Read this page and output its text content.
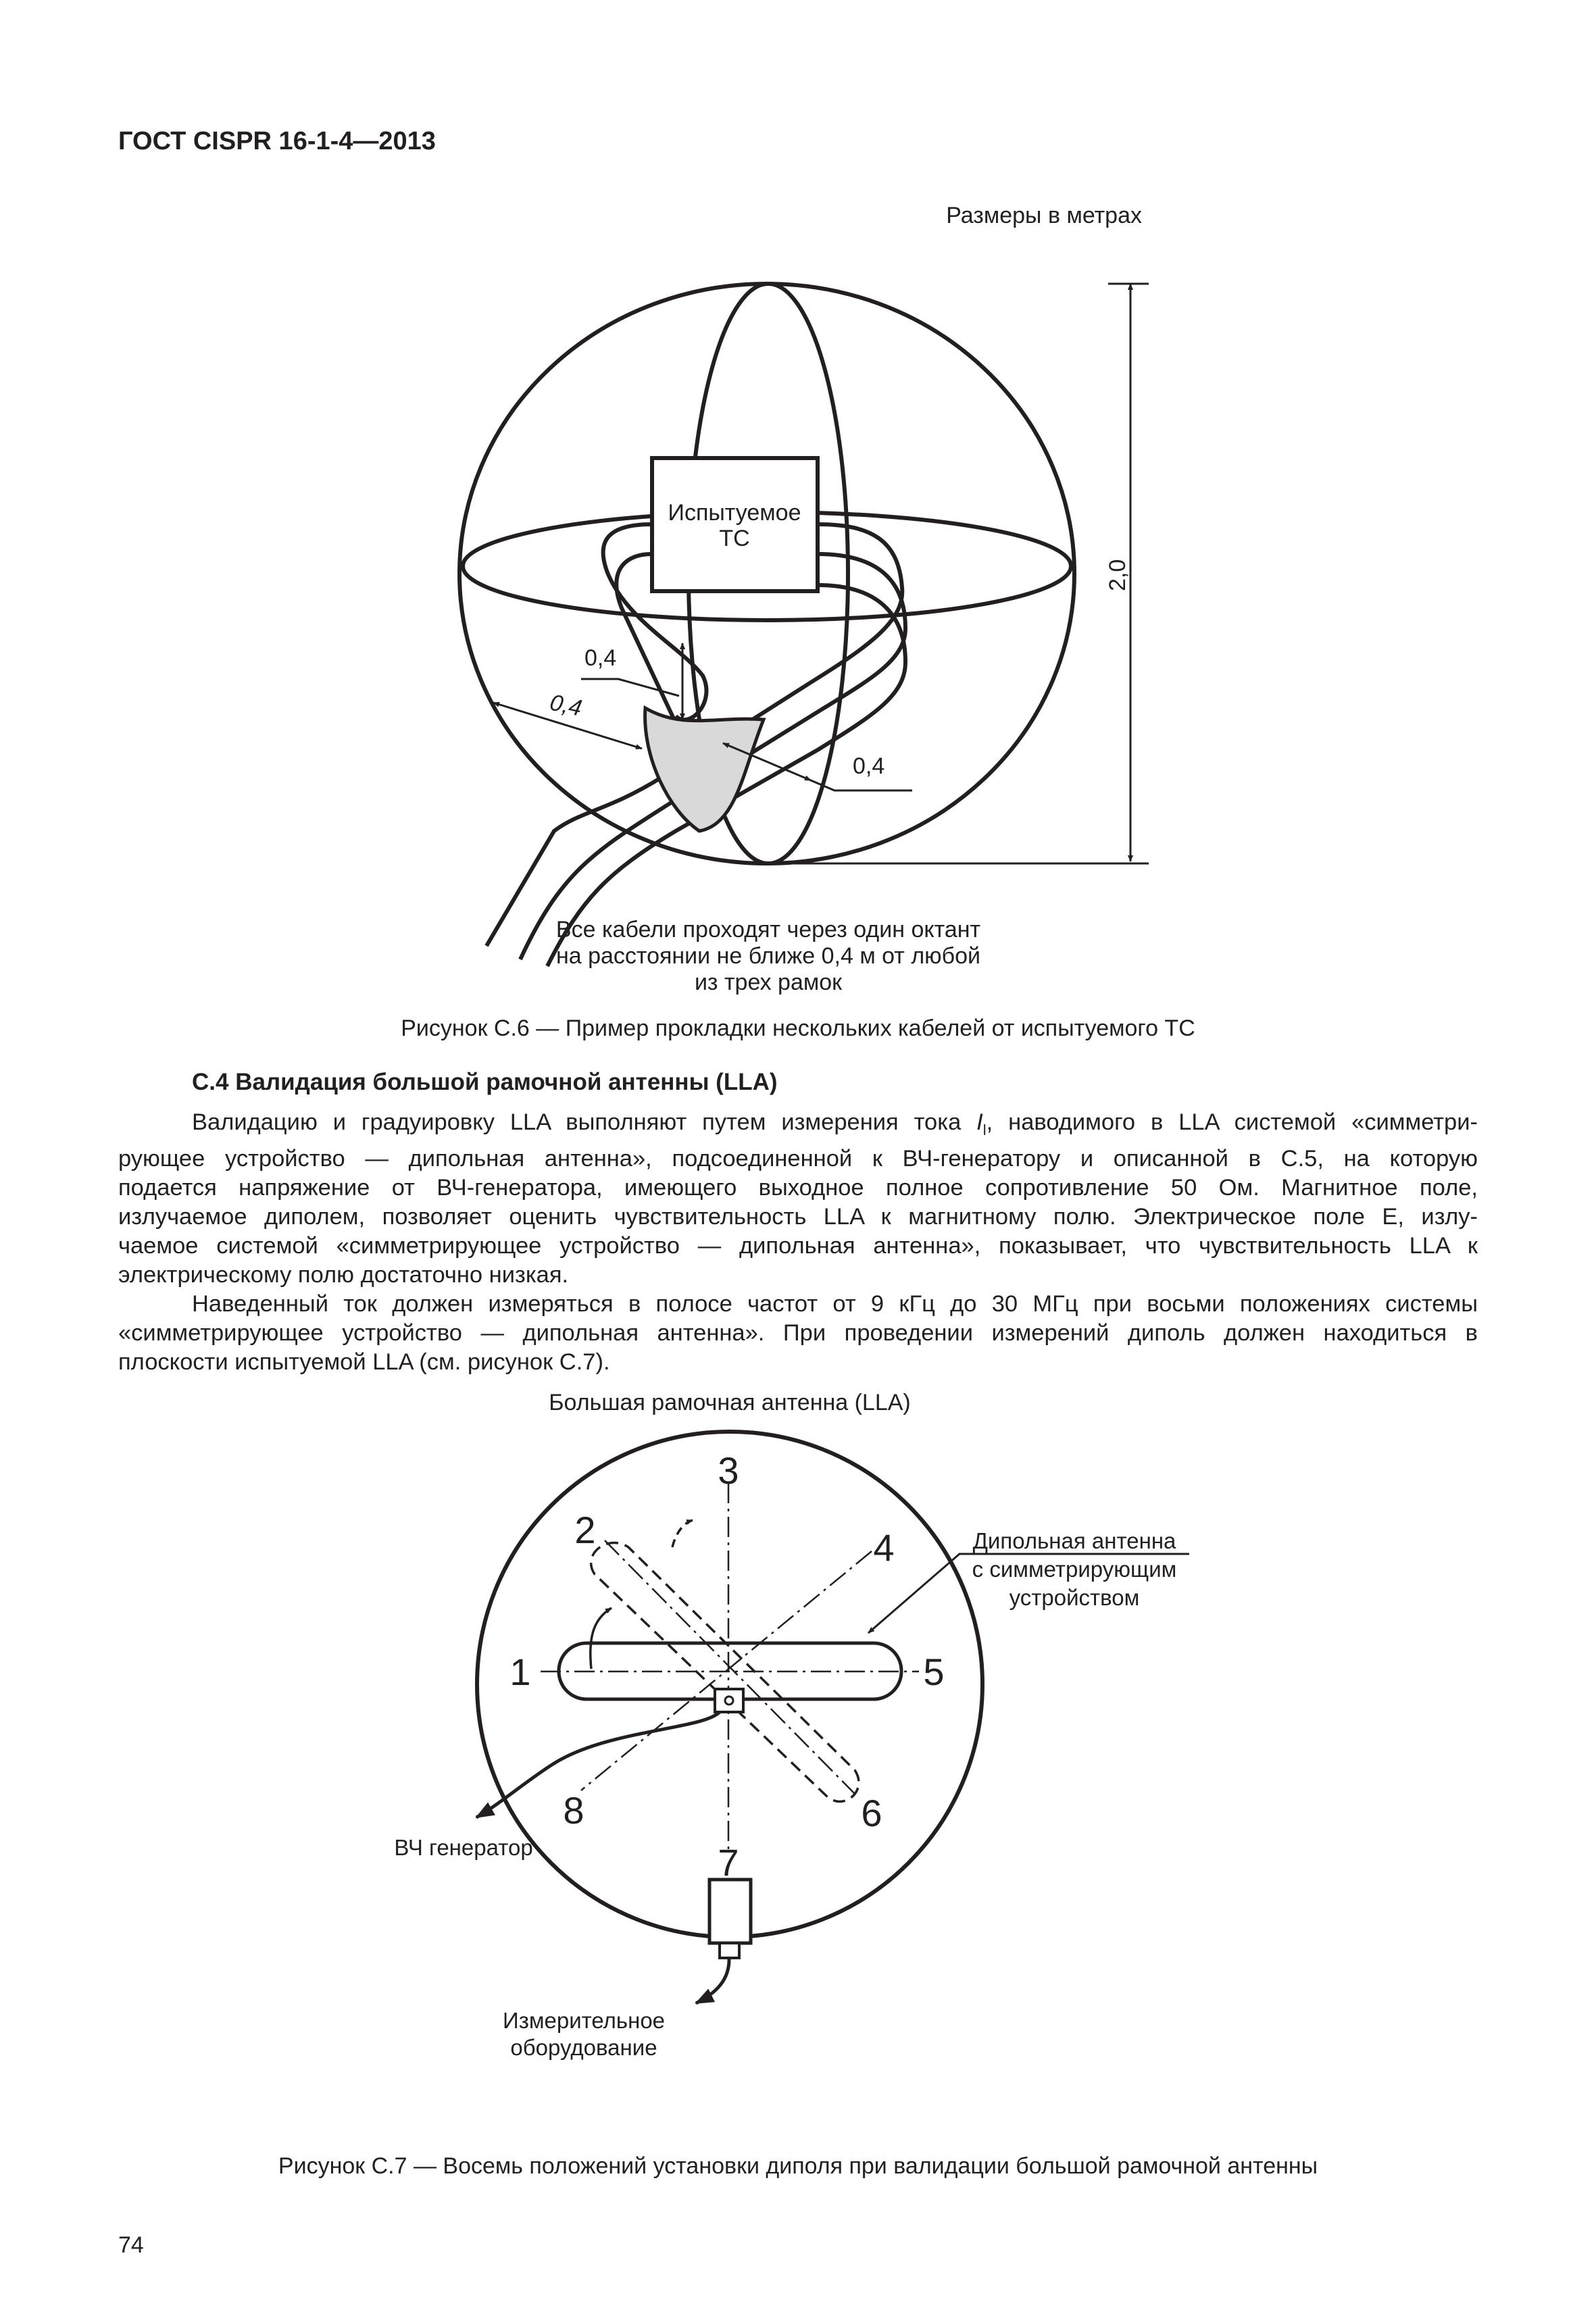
ГОСТ CISPR 16-1-4—2013
Размеры в метрах
Испытуемое
ТС
2,0
0,4
0,4
0,4
1
2
3
4
5
6
7
8
Дипольная антенна
с симметрирующим
устройством
ВЧ генератор
Измерительное
оборудование
Все кабели проходят через один октант
на расстоянии не ближе 0,4 м от любой
из трех рамок
Рисунок С.6 — Пример прокладки нескольких кабелей от испытуемого ТС
С.4 Валидация большой рамочной антенны (LLA)
Валидацию и градуировку LLA выполняют путем измерения тока $I_l$, наводимого в LLA системой «симметри-
рующее устройство — дипольная антенна», подсоединенной к ВЧ-генератору и описанной в С.5, на которую
подается напряжение от ВЧ-генератора, имеющего выходное полное сопротивление 50 Ом. Магнитное поле,
излучаемое диполем, позволяет оценить чувствительность LLA к магнитному полю. Электрическое поле E, излу-
чаемое системой «симметрирующее устройство — дипольная антенна», показывает, что чувствительность LLA к
электрическому полю достаточно низкая.
Наведенный ток должен измеряться в полосе частот от 9 кГц до 30 МГц при восьми положениях системы
«симметрирующее устройство — дипольная антенна». При проведении измерений диполь должен находиться в
плоскости испытуемой LLA (см. рисунок С.7).
Большая рамочная антенна (LLA)
Рисунок С.7 — Восемь положений установки диполя при валидации большой рамочной антенны
74
